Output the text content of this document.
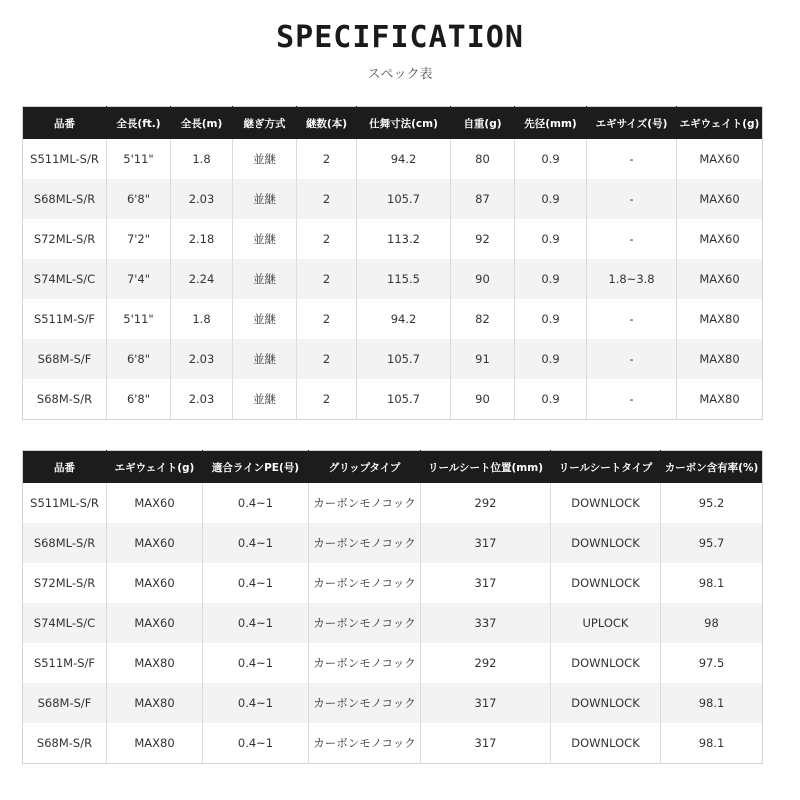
SPECIFICATION
スペック表
品番	全長(ft.)	全長(m)	継ぎ方式	継数(本)	仕舞寸法(cm)	自重(g)	先径(mm)	エギサイズ(号)	エギウェイト(g)
S511ML-S/R	5'11"	1.8	並継	2	94.2	80	0.9	-	MAX60
S68ML-S/R	6'8"	2.03	並継	2	105.7	87	0.9	-	MAX60
S72ML-S/R	7'2"	2.18	並継	2	113.2	92	0.9	-	MAX60
S74ML-S/C	7'4"	2.24	並継	2	115.5	90	0.9	1.8~3.8	MAX60
S511M-S/F	5'11"	1.8	並継	2	94.2	82	0.9	-	MAX80
S68M-S/F	6'8"	2.03	並継	2	105.7	91	0.9	-	MAX80
S68M-S/R	6'8"	2.03	並継	2	105.7	90	0.9	-	MAX80
品番	エギウェイト(g)	適合ラインPE(号)	グリップタイプ	リールシート位置(mm)	リールシートタイプ	カーボン含有率(%)
S511ML-S/R	MAX60	0.4~1	カーボンモノコック	292	DOWNLOCK	95.2
S68ML-S/R	MAX60	0.4~1	カーボンモノコック	317	DOWNLOCK	95.7
S72ML-S/R	MAX60	0.4~1	カーボンモノコック	317	DOWNLOCK	98.1
S74ML-S/C	MAX60	0.4~1	カーボンモノコック	337	UPLOCK	98
S511M-S/F	MAX80	0.4~1	カーボンモノコック	292	DOWNLOCK	97.5
S68M-S/F	MAX80	0.4~1	カーボンモノコック	317	DOWNLOCK	98.1
S68M-S/R	MAX80	0.4~1	カーボンモノコック	317	DOWNLOCK	98.1
